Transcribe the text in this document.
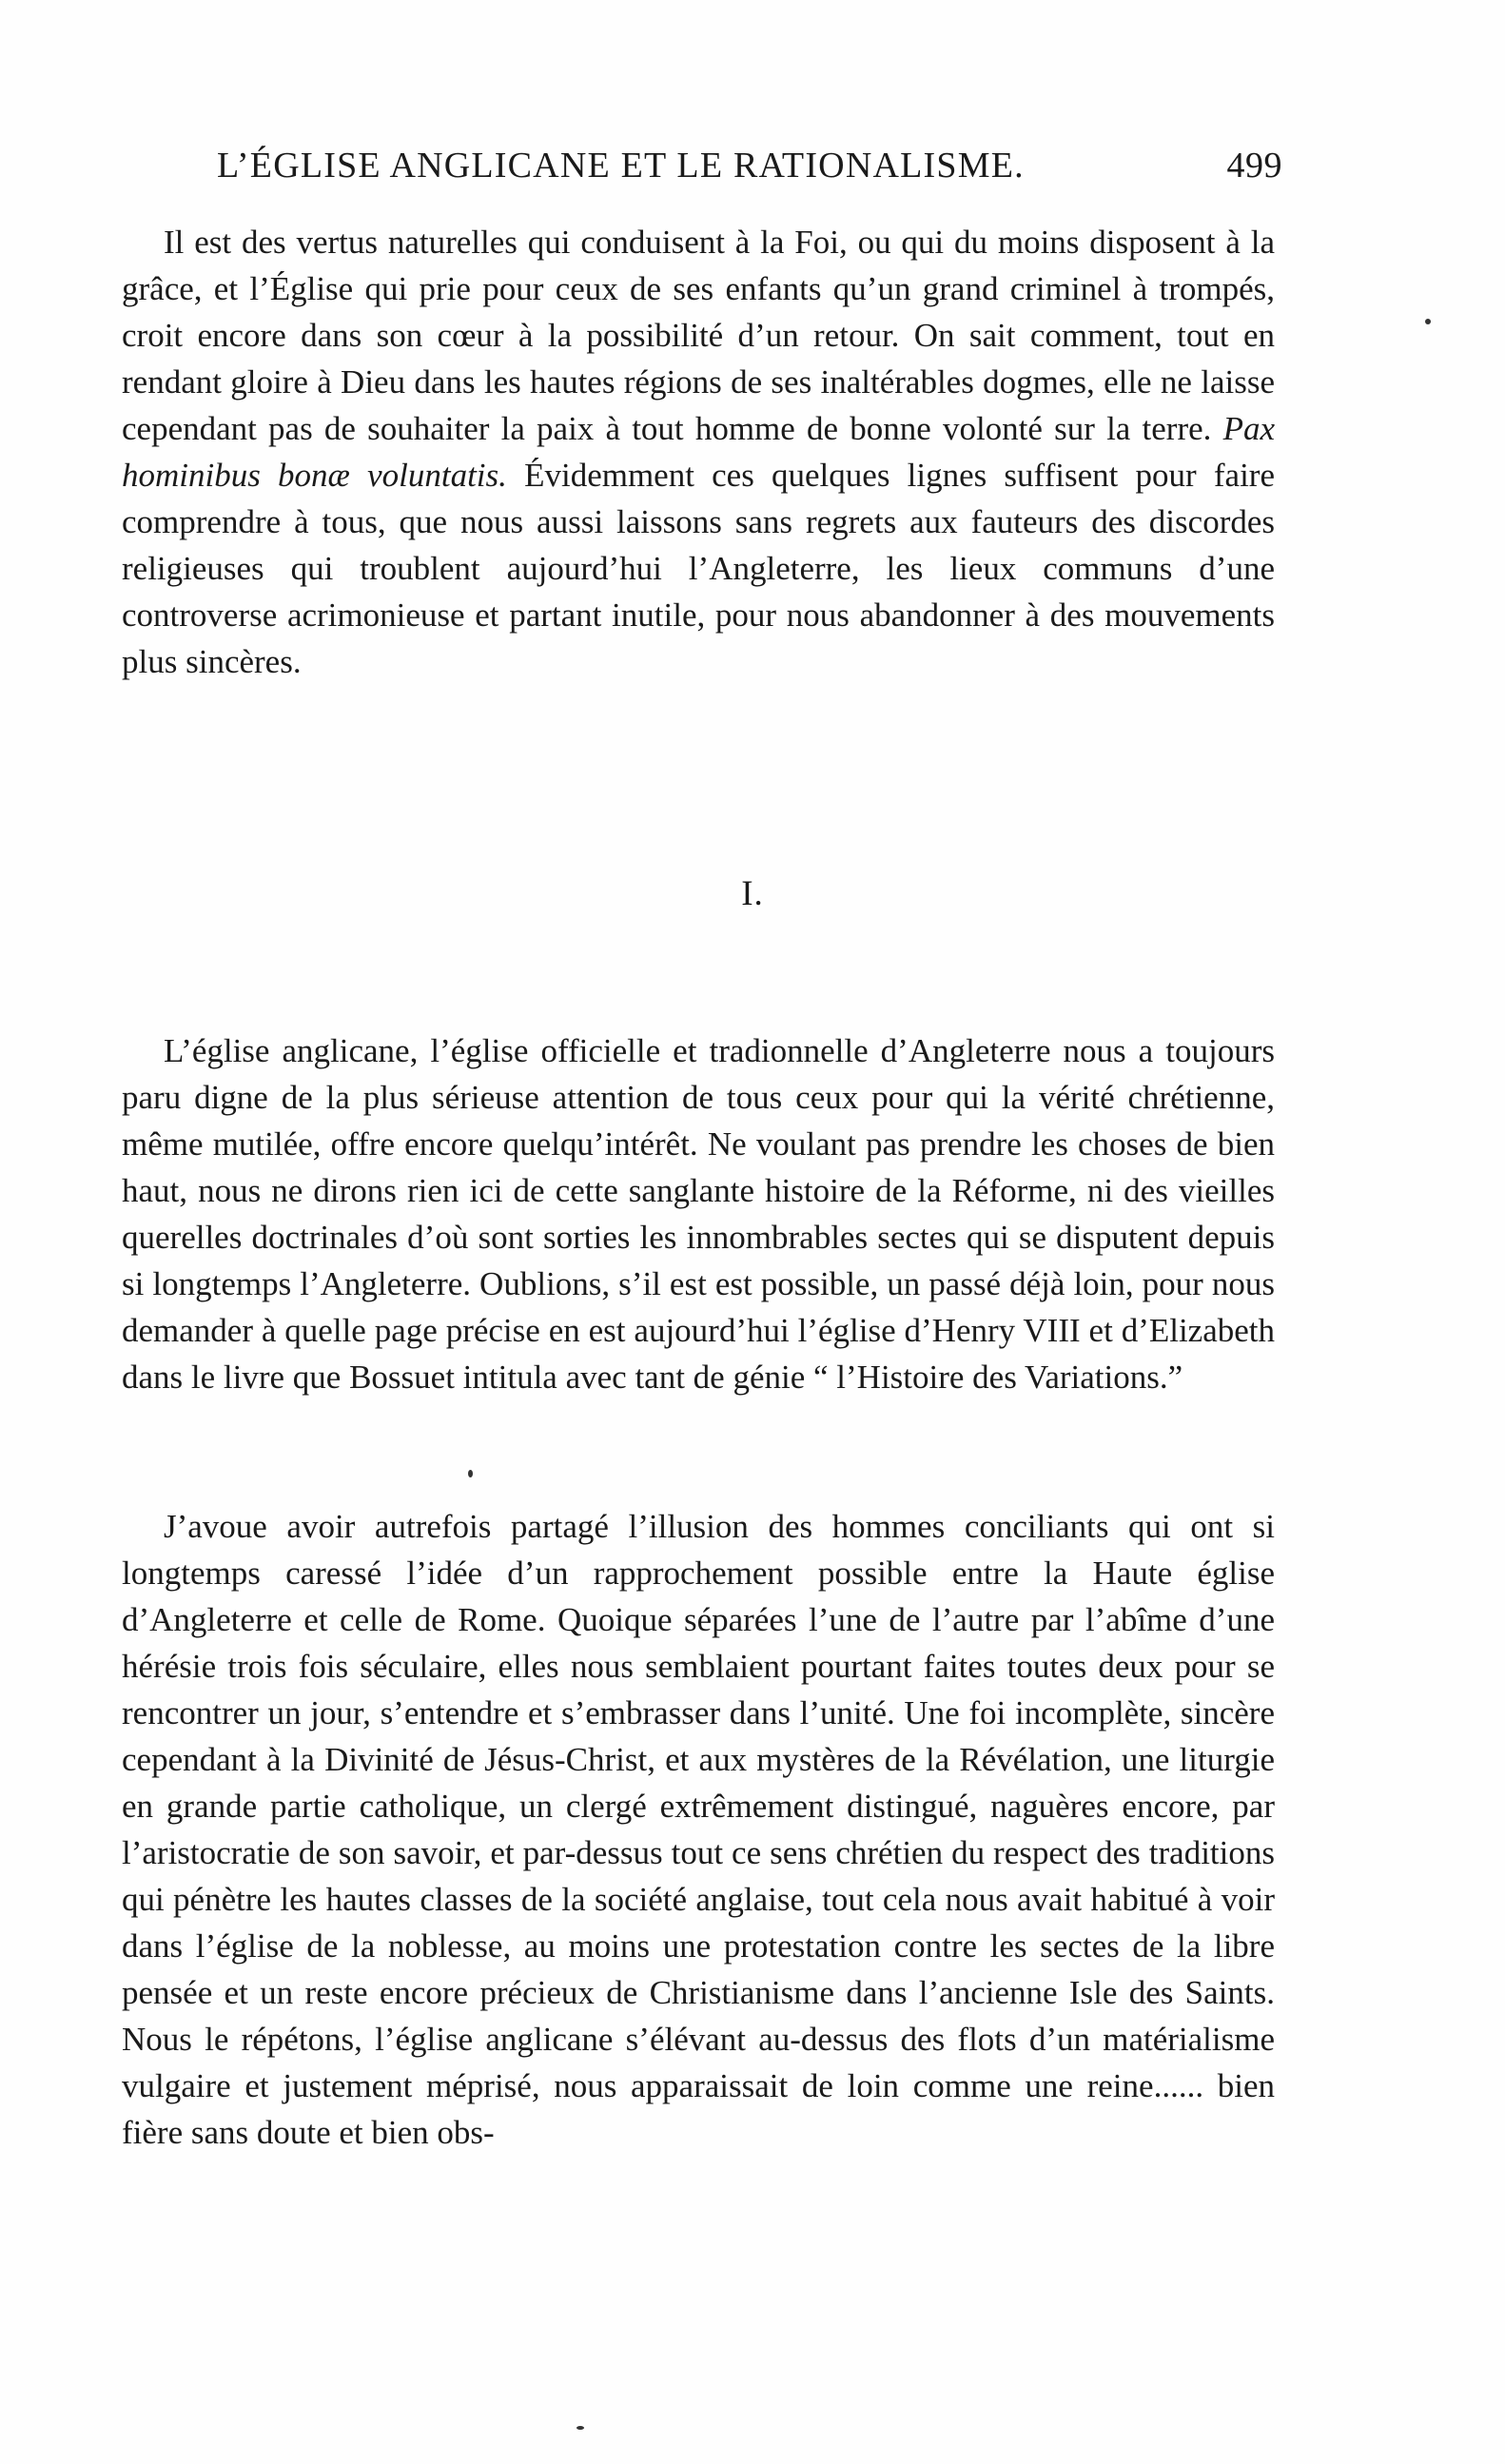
L’ÉGLISE ANGLICANE ET LE RATIONALISME.	499

Il est des vertus naturelles qui conduisent à la Foi, ou qui du moins disposent à la grâce, et l’Église qui prie pour ceux de ses enfants qu’un grand criminel à trompés, croit encore dans son cœur à la possibilité d’un retour. On sait comment, tout en rendant gloire à Dieu dans les hautes régions de ses inaltérables dogmes, elle ne laisse cependant pas de souhaiter la paix à tout homme de bonne volonté sur la terre. Pax hominibus bonæ voluntatis. Évidemment ces quelques lignes suffisent pour faire comprendre à tous, que nous aussi laissons sans regrets aux fauteurs des discordes religieuses qui troublent aujourd’hui l’Angleterre, les lieux communs d’une controverse acrimonieuse et partant inutile, pour nous abandonner à des mouvements plus sincères.

I.

L’église anglicane, l’église officielle et tradionnelle d’Angleterre nous a toujours paru digne de la plus sérieuse attention de tous ceux pour qui la vérité chrétienne, même mutilée, offre encore quelqu’intérêt. Ne voulant pas prendre les choses de bien haut, nous ne dirons rien ici de cette sanglante histoire de la Réforme, ni des vieilles querelles doctrinales d’où sont sorties les innombrables sectes qui se disputent depuis si longtemps l’Angleterre. Oublions, s’il est est possible, un passé déjà loin, pour nous demander à quelle page précise en est aujourd’hui l’église d’Henry VIII et d’Elizabeth dans le livre que Bossuet intitula avec tant de génie “ l’Histoire des Variations.”

J’avoue avoir autrefois partagé l’illusion des hommes conciliants qui ont si longtemps caressé l’idée d’un rapprochement possible entre la Haute église d’Angleterre et celle de Rome. Quoique séparées l’une de l’autre par l’abîme d’une hérésie trois fois séculaire, elles nous semblaient pourtant faites toutes deux pour se rencontrer un jour, s’entendre et s’embrasser dans l’unité. Une foi incomplète, sincère cependant à la Divinité de Jésus-Christ, et aux mystères de la Révélation, une liturgie en grande partie catholique, un clergé extrêmement distingué, naguères encore, par l’aristocratie de son savoir, et par-dessus tout ce sens chrétien du respect des traditions qui pénètre les hautes classes de la société anglaise, tout cela nous avait habitué à voir dans l’église de la noblesse, au moins une protestation contre les sectes de la libre pensée et un reste encore précieux de Christianisme dans l’ancienne Isle des Saints. Nous le répétons, l’église anglicane s’élévant au-dessus des flots d’un matérialisme vulgaire et justement méprisé, nous apparaissait de loin comme une reine...... bien fière sans doute et bien obs-
